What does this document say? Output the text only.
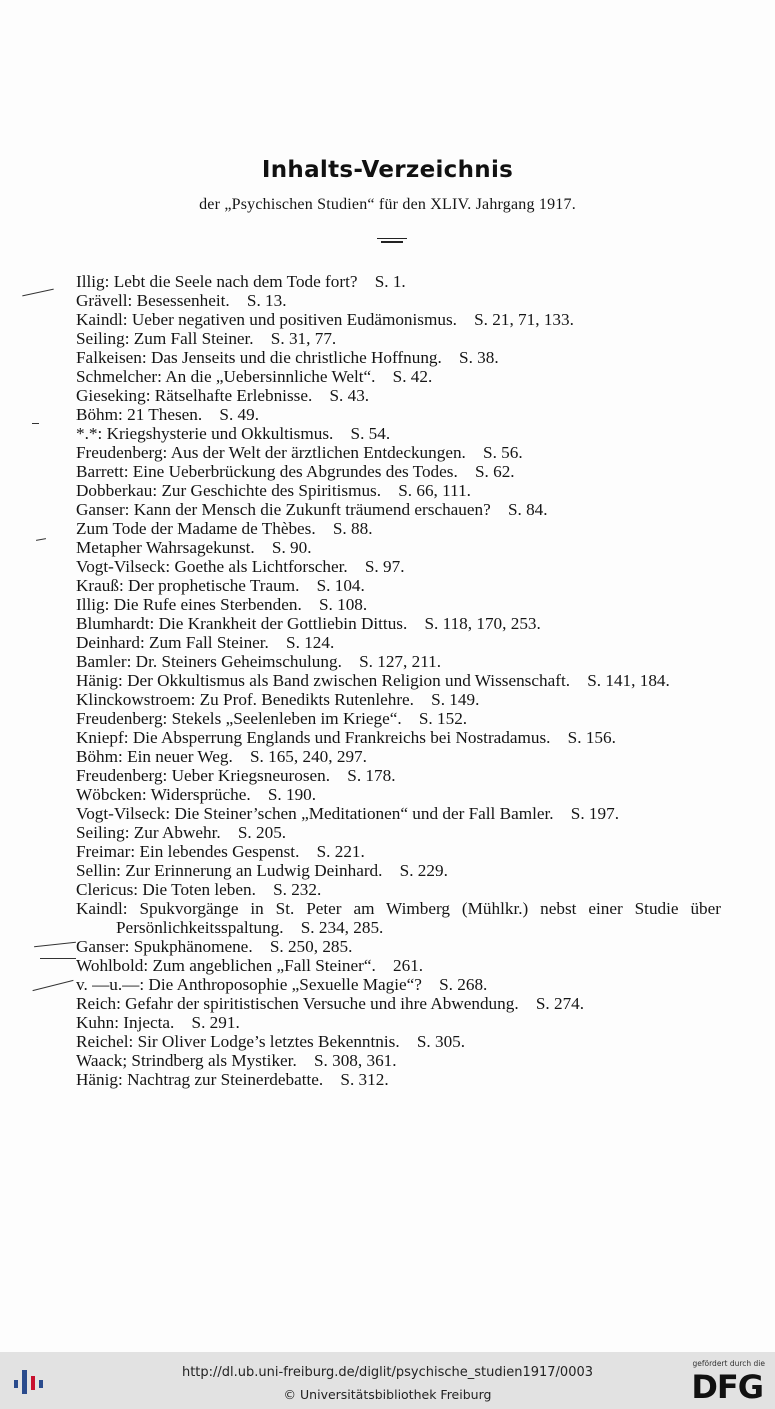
Inhalts-Verzeichnis
der „Psychischen Studien“ für den XLIV. Jahrgang 1917.
Illig: Lebt die Seele nach dem Tode fort?  S. 1.
Grävell: Besessenheit.  S. 13.
Kaindl: Ueber negativen und positiven Eudämonismus.  S. 21, 71, 133.
Seiling: Zum Fall Steiner.  S. 31, 77.
Falkeisen: Das Jenseits und die christliche Hoffnung.  S. 38.
Schmelcher: An die „Uebersinnliche Welt“.  S. 42.
Gieseking: Rätselhafte Erlebnisse.  S. 43.
Böhm: 21 Thesen.  S. 49.
*.*: Kriegshysterie und Okkultismus.  S. 54.
Freudenberg: Aus der Welt der ärztlichen Entdeckungen.  S. 56.
Barrett: Eine Ueberbrückung des Abgrundes des Todes.  S. 62.
Dobberkau: Zur Geschichte des Spiritismus.  S. 66, 111.
Ganser: Kann der Mensch die Zukunft träumend erschauen?  S. 84.
Zum Tode der Madame de Thèbes.  S. 88.
Metapher Wahrsagekunst.  S. 90.
Vogt-Vilseck: Goethe als Lichtforscher.  S. 97.
Krauß: Der prophetische Traum.  S. 104.
Illig: Die Rufe eines Sterbenden.  S. 108.
Blumhardt: Die Krankheit der Gottliebin Dittus.  S. 118, 170, 253.
Deinhard: Zum Fall Steiner.  S. 124.
Bamler: Dr. Steiners Geheimschulung.  S. 127, 211.
Hänig: Der Okkultismus als Band zwischen Religion und Wissenschaft.  S. 141, 184.
Klinckowstroem: Zu Prof. Benedikts Rutenlehre.  S. 149.
Freudenberg: Stekels „Seelenleben im Kriege“.  S. 152.
Kniepf: Die Absperrung Englands und Frankreichs bei Nostradamus.  S. 156.
Böhm: Ein neuer Weg.  S. 165, 240, 297.
Freudenberg: Ueber Kriegsneurosen.  S. 178.
Wöbcken: Widersprüche.  S. 190.
Vogt-Vilseck: Die Steiner’schen „Meditationen“ und der Fall Bamler.  S. 197.
Seiling: Zur Abwehr.  S. 205.
Freimar: Ein lebendes Gespenst.  S. 221.
Sellin: Zur Erinnerung an Ludwig Deinhard.  S. 229.
Clericus: Die Toten leben.  S. 232.
Kaindl: Spukvorgänge in St. Peter am Wimberg (Mühlkr.) nebst einer Studie über Persönlichkeitsspaltung.  S. 234, 285.
Ganser: Spukphänomene.  S. 250, 285.
Wohlbold: Zum angeblichen „Fall Steiner“.  261.
v. —u.—: Die Anthroposophie „Sexuelle Magie“?  S. 268.
Reich: Gefahr der spiritistischen Versuche und ihre Abwendung.  S. 274.
Kuhn: Injecta.  S. 291.
Reichel: Sir Oliver Lodge’s letztes Bekenntnis.  S. 305.
Waack; Strindberg als Mystiker.  S. 308, 361.
Hänig: Nachtrag zur Steinerdebatte.  S. 312.
http://dl.ub.uni-freiburg.de/diglit/psychische_studien1917/0003
© Universitätsbibliothek Freiburg
gefördert durch die
DFG
